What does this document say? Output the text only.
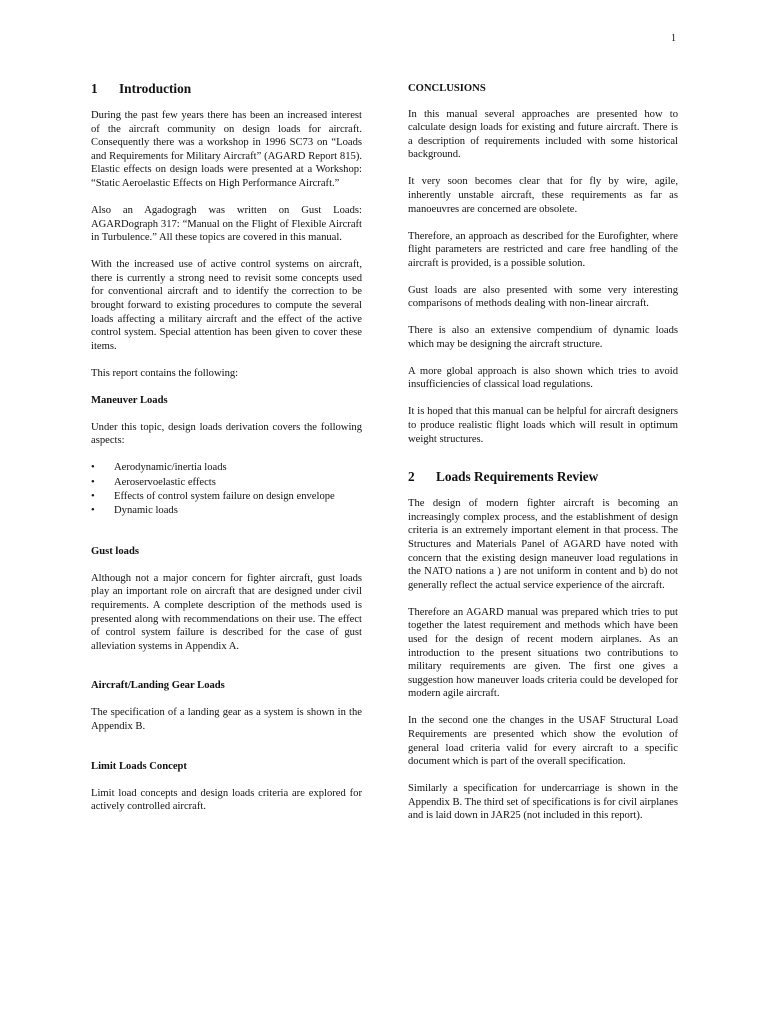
1
1	Introduction

During the past few years there has been an increased interest of the aircraft community on design loads for aircraft. Consequently there was a workshop in 1996 SC73 on “Loads and Requirements for Military Aircraft” (AGARD Report 815). Elastic effects on design loads were presented at a Workshop: “Static Aeroelastic Effects on High Performance Aircraft.”

Also an Agadogragh was written on Gust Loads: AGARDograph 317: “Manual on the Flight of Flexible Aircraft in Turbulence.” All these topics are covered in this manual.

With the increased use of active control systems on aircraft, there is currently a strong need to revisit some concepts used for conventional aircraft and to identify the correction to be brought forward to existing procedures to compute the several loads affecting a military aircraft and the effect of the active control system. Special attention has been given to cover these items.

This report contains the following:

Maneuver Loads

Under this topic, design loads derivation covers the following aspects:

• Aerodynamic/inertia loads
• Aeroservoelastic effects
• Effects of control system failure on design envelope
• Dynamic loads
Gust loads

Although not a major concern for fighter aircraft, gust loads play an important role on aircraft that are designed under civil requirements. A complete description of the methods used is presented along with recommendations on their use. The effect of control system failure is described for the case of gust alleviation systems in Appendix A.

Aircraft/Landing Gear Loads

The specification of a landing gear as a system is shown in the Appendix B.

Limit Loads Concept

Limit load concepts and design loads criteria are explored for actively controlled aircraft.

CONCLUSIONS

In this manual several approaches are presented how to calculate design loads for existing and future aircraft. There is a description of requirements included with some historical background.

It very soon becomes clear that for fly by wire, agile, inherently unstable aircraft, these requirements as far as manoeuvres are concerned are obsolete.

Therefore, an approach as described for the Eurofighter, where flight parameters are restricted and care free handling of the aircraft is provided, is a possible solution.

Gust loads are also presented with some very interesting comparisons of methods dealing with non-linear aircraft.

There is also an extensive compendium of dynamic loads which may be designing the aircraft structure.

A more global approach is also shown which tries to avoid insufficiencies of classical load regulations.

It is hoped that this manual can be helpful for aircraft designers to produce realistic flight loads which will result in optimum weight structures.

2	Loads Requirements Review

The design of modern fighter aircraft is becoming an increasingly complex process, and the establishment of design criteria is an extremely important element in that process. The Structures and Materials Panel of AGARD have noted with concern that the existing design maneuver load regulations in the NATO nations a ) are not uniform in content and b) do not generally reflect the actual service experience of the aircraft.

Therefore an AGARD manual was prepared which tries to put together the latest requirement and methods which have been used for the design of recent modern airplanes. As an introduction to the present situations two contributions to military requirements are given. The first one gives a suggestion how maneuver loads criteria could be developed for modern agile aircraft.

In the second one the changes in the USAF Structural Load Requirements are presented which show the evolution of general load criteria valid for every aircraft to a specific document which is part of the overall specification.

Similarly a specification for undercarriage is shown in the Appendix B. The third set of specifications is for civil airplanes and is laid down in JAR25 (not included in this report).
